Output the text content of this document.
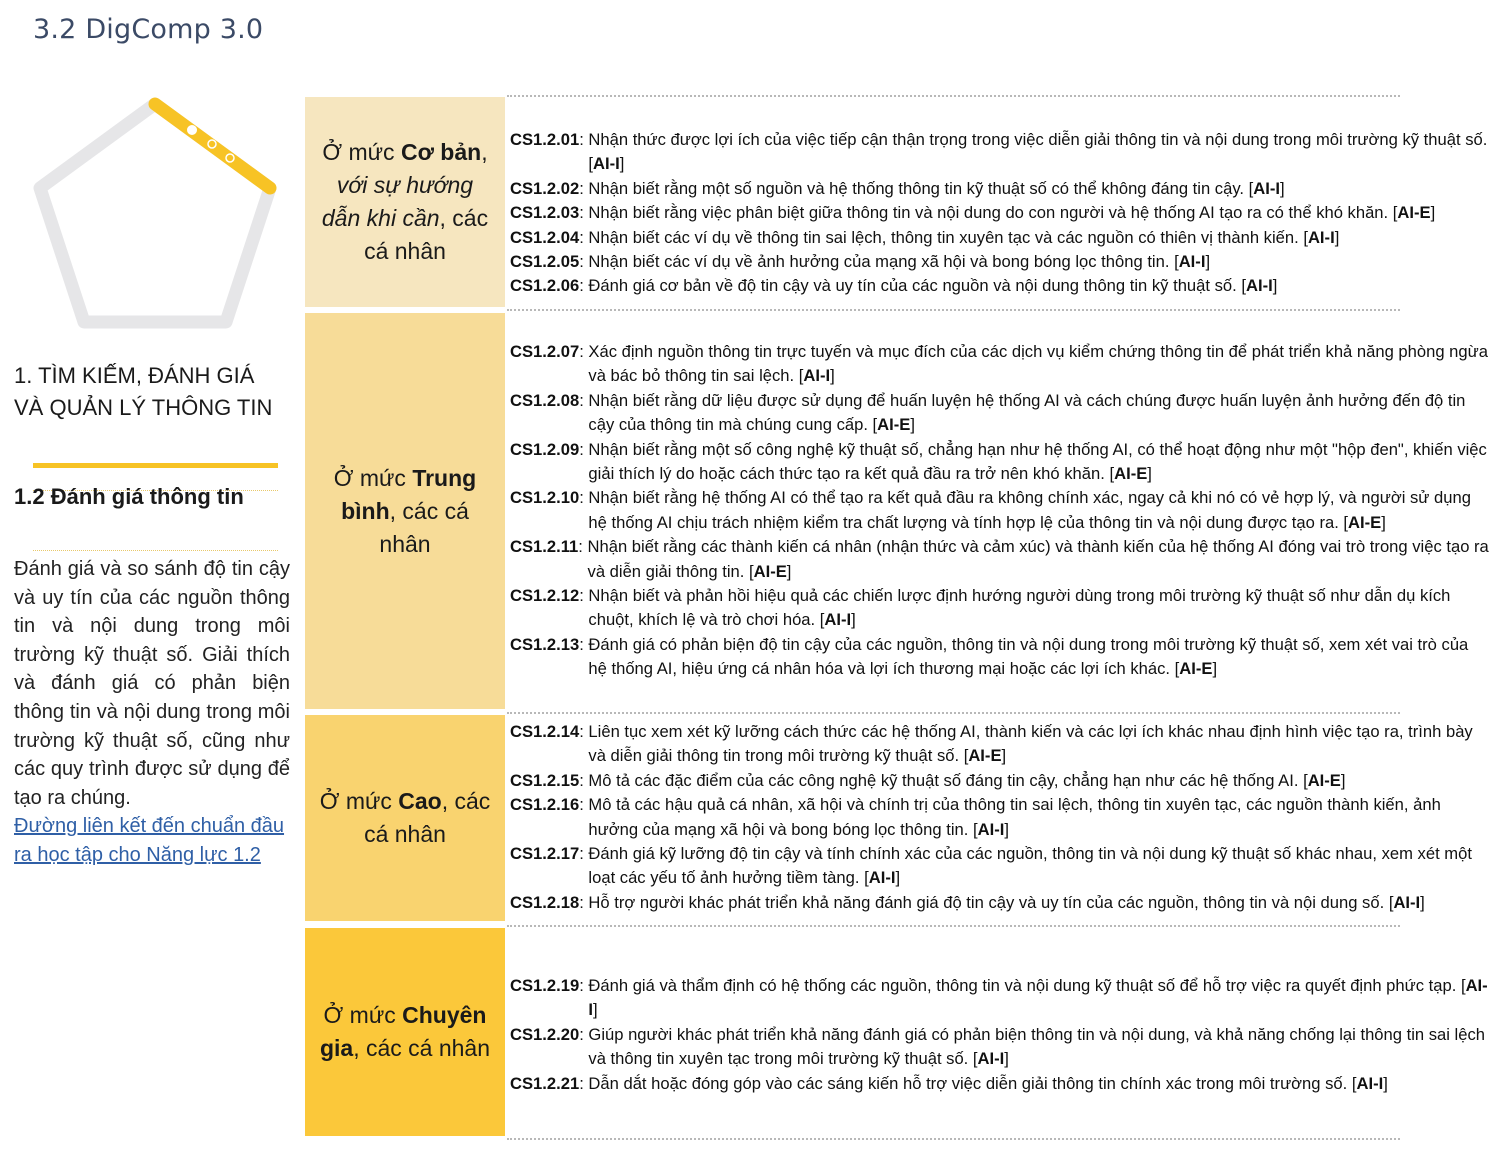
3.2 DigComp 3.0
1. TÌM KIẾM, ĐÁNH GIÁ
VÀ QUẢN LÝ THÔNG TIN
1.2 Đánh giá thông tin
Đánh giá và so sánh độ tin cậy và uy tín của các nguồn thông tin và nội dung trong môi trường kỹ thuật số. Giải thích và đánh giá có phản biện thông tin và nội dung trong môi trường kỹ thuật số, cũng như các quy trình được sử dụng để tạo ra chúng.
Đường liên kết đến chuẩn đầu ra học tập cho Năng lực 1.2
Ở mức Cơ bản, với sự hướng dẫn khi cần, các cá nhân
CS1.2.01 : Nhận thức được lợi ích của việc tiếp cận thận trọng trong việc diễn giải thông tin và nội dung trong môi trường kỹ thuật số. [AI-I]
CS1.2.02 : Nhận biết rằng một số nguồn và hệ thống thông tin kỹ thuật số có thể không đáng tin cậy. [AI-I]
CS1.2.03 : Nhận biết rằng việc phân biệt giữa thông tin và nội dung do con người và hệ thống AI tạo ra có thể khó khăn. [AI-E]
CS1.2.04 : Nhận biết các ví dụ về thông tin sai lệch, thông tin xuyên tạc và các nguồn có thiên vị thành kiến. [AI-I]
CS1.2.05 : Nhận biết các ví dụ về ảnh hưởng của mạng xã hội và bong bóng lọc thông tin. [AI-I]
CS1.2.06 : Đánh giá cơ bản về độ tin cậy và uy tín của các nguồn và nội dung thông tin kỹ thuật số. [AI-I]
Ở mức Trung bình, các cá nhân
CS1.2.07 : Xác định nguồn thông tin trực tuyến và mục đích của các dịch vụ kiểm chứng thông tin để phát triển khả năng phòng ngừa và bác bỏ thông tin sai lệch. [AI-I]
CS1.2.08 : Nhận biết rằng dữ liệu được sử dụng để huấn luyện hệ thống AI và cách chúng được huấn luyện ảnh hưởng đến độ tin cậy của thông tin mà chúng cung cấp. [AI-E]
CS1.2.09 : Nhận biết rằng một số công nghệ kỹ thuật số, chẳng hạn như hệ thống AI, có thể hoạt động như một "hộp đen", khiến việc giải thích lý do hoặc cách thức tạo ra kết quả đầu ra trở nên khó khăn. [AI-E]
CS1.2.10 : Nhận biết rằng hệ thống AI có thể tạo ra kết quả đầu ra không chính xác, ngay cả khi nó có vẻ hợp lý, và người sử dụng hệ thống AI chịu trách nhiệm kiểm tra chất lượng và tính hợp lệ của thông tin và nội dung được tạo ra. [AI-E]
CS1.2.11 : Nhận biết rằng các thành kiến cá nhân (nhận thức và cảm xúc) và thành kiến của hệ thống AI đóng vai trò trong việc tạo ra và diễn giải thông tin. [AI-E]
CS1.2.12 : Nhận biết và phản hồi hiệu quả các chiến lược định hướng người dùng trong môi trường kỹ thuật số như dẫn dụ kích chuột, khích lệ và trò chơi hóa. [AI-I]
CS1.2.13 : Đánh giá có phản biện độ tin cậy của các nguồn, thông tin và nội dung trong môi trường kỹ thuật số, xem xét vai trò của hệ thống AI, hiệu ứng cá nhân hóa và lợi ích thương mại hoặc các lợi ích khác. [AI-E]
Ở mức Cao, các cá nhân
CS1.2.14 : Liên tục xem xét kỹ lưỡng cách thức các hệ thống AI, thành kiến và các lợi ích khác nhau định hình việc tạo ra, trình bày và diễn giải thông tin trong môi trường kỹ thuật số. [AI-E]
CS1.2.15 : Mô tả các đặc điểm của các công nghệ kỹ thuật số đáng tin cậy, chẳng hạn như các hệ thống AI. [AI-E]
CS1.2.16 : Mô tả các hậu quả cá nhân, xã hội và chính trị của thông tin sai lệch, thông tin xuyên tạc, các nguồn thành kiến, ảnh hưởng của mạng xã hội và bong bóng lọc thông tin. [AI-I]
CS1.2.17 : Đánh giá kỹ lưỡng độ tin cậy và tính chính xác của các nguồn, thông tin và nội dung kỹ thuật số khác nhau, xem xét một loạt các yếu tố ảnh hưởng tiềm tàng. [AI-I]
CS1.2.18 : Hỗ trợ người khác phát triển khả năng đánh giá độ tin cậy và uy tín của các nguồn, thông tin và nội dung số. [AI-I]
Ở mức Chuyên gia, các cá nhân
CS1.2.19 : Đánh giá và thẩm định có hệ thống các nguồn, thông tin và nội dung kỹ thuật số để hỗ trợ việc ra quyết định phức tạp. [AI-I]
CS1.2.20 : Giúp người khác phát triển khả năng đánh giá có phản biện thông tin và nội dung, và khả năng chống lại thông tin sai lệch và thông tin xuyên tạc trong môi trường kỹ thuật số. [AI-I]
CS1.2.21 : Dẫn dắt hoặc đóng góp vào các sáng kiến hỗ trợ việc diễn giải thông tin chính xác trong môi trường số. [AI-I]
